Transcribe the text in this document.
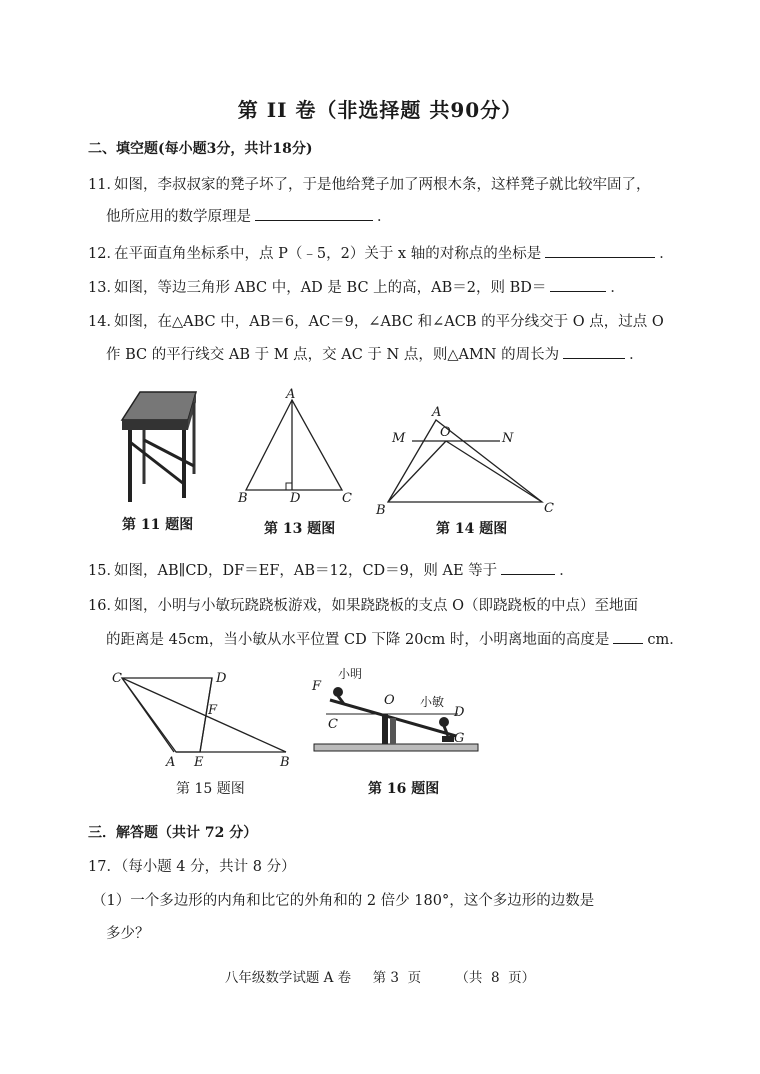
第 II 卷（非选择题 共90分）
二、填空题(每小题3分，共计18分)
11．如图，李叔叔家的凳子坏了，于是他给凳子加了两根木条，这样凳子就比较牢固了，
他所应用的数学原理是	．
12．在平面直角坐标系中，点 P（﹣5，2）关于 x 轴的对称点的坐标是	．
13．如图，等边三角形 ABC 中，AD 是 BC 上的高，AB＝2，则 BD＝	．
14．如图，在△ABC 中，AB＝6，AC＝9，∠ABC 和∠ACB 的平分线交于 O 点，过点 O
作 BC 的平行线交 AB 于 M 点，交 AC 于 N 点，则△AMN 的周长为	．
第 11 题图
A
B	D	C
第 13 题图
A
M	O	N
B	C
第 14 题图
15．如图，AB∥CD，DF＝EF，AB＝12，CD＝9，则 AE 等于	．
16．如图，小明与小敏玩跷跷板游戏，如果跷跷板的支点 O（即跷跷板的中点）至地面
的距离是 45cm，当小敏从水平位置 CD 下降 20cm 时，小明离地面的高度是	cm．
C	D
F
A E	B
第 15 题图
F
C
O
D
G
小明
小敏
第 16 题图
三．解答题（共计 72 分）
17．（每小题 4 分，共计 8 分）
（1）一个多边形的内角和比它的外角和的 2 倍少 180°，这个多边形的边数是
多少？
八年级数学试题 A 卷     第 3  页        （共  8  页）
